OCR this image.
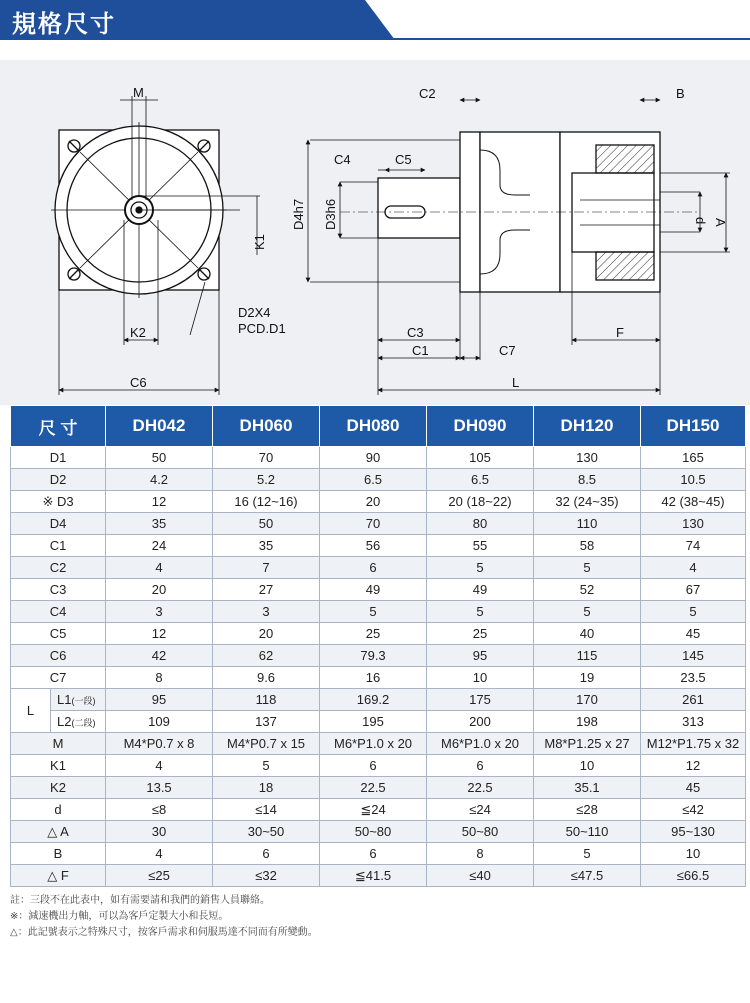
規格尺寸
M
K1
K2
C6
D2X4
PCD.D1
C2	B
C4	C5
D4h7 D3h6	d A
C3
C1	C7
F
L
尺 寸		DH042	DH060	DH080	DH090	DH120	DH150
D1		50	70	90	105	130	165
D2		4.2	5.2	6.5	6.5	8.5	10.5
※ D3		12	16 (12~16)	20	20 (18~22)	32 (24~35)	42 (38~45)
D4		35	50	70	80	110	130
C1		24	35	56	55	58	74
C2		4	7	6	5	5	4
C3		20	27	49	49	52	67
C4		3	3	5	5	5	5
C5		12	20	25	25	40	45
C6		42	62	79.3	95	115	145
C7		8	9.6	16	10	19	23.5
L	L1(一段)	95	118	169.2	175	170	261
	L2(二段)	109	137	195	200	198	313
M		M4*P0.7 x 8	M4*P0.7 x 15	M6*P1.0 x 20	M6*P1.0 x 20	M8*P1.25 x 27	M12*P1.75 x 32
K1		4	5	6	6	10	12
K2		13.5	18	22.5	22.5	35.1	45
d		≤8	≤14	≦24	≤24	≤28	≤42
△ A		30	30~50	50~80	50~80	50~110	95~130
B		4	6	6	8	5	10
△ F		≤25	≤32	≦41.5	≤40	≤47.5	≤66.5
註：三段不在此表中，如有需要請和我們的銷售人員聯絡。
※：減速機出力軸，可以為客戶定製大小和長短。
△：此記號表示之特殊尺寸，按客戶需求和伺服馬達不同而有所變動。
